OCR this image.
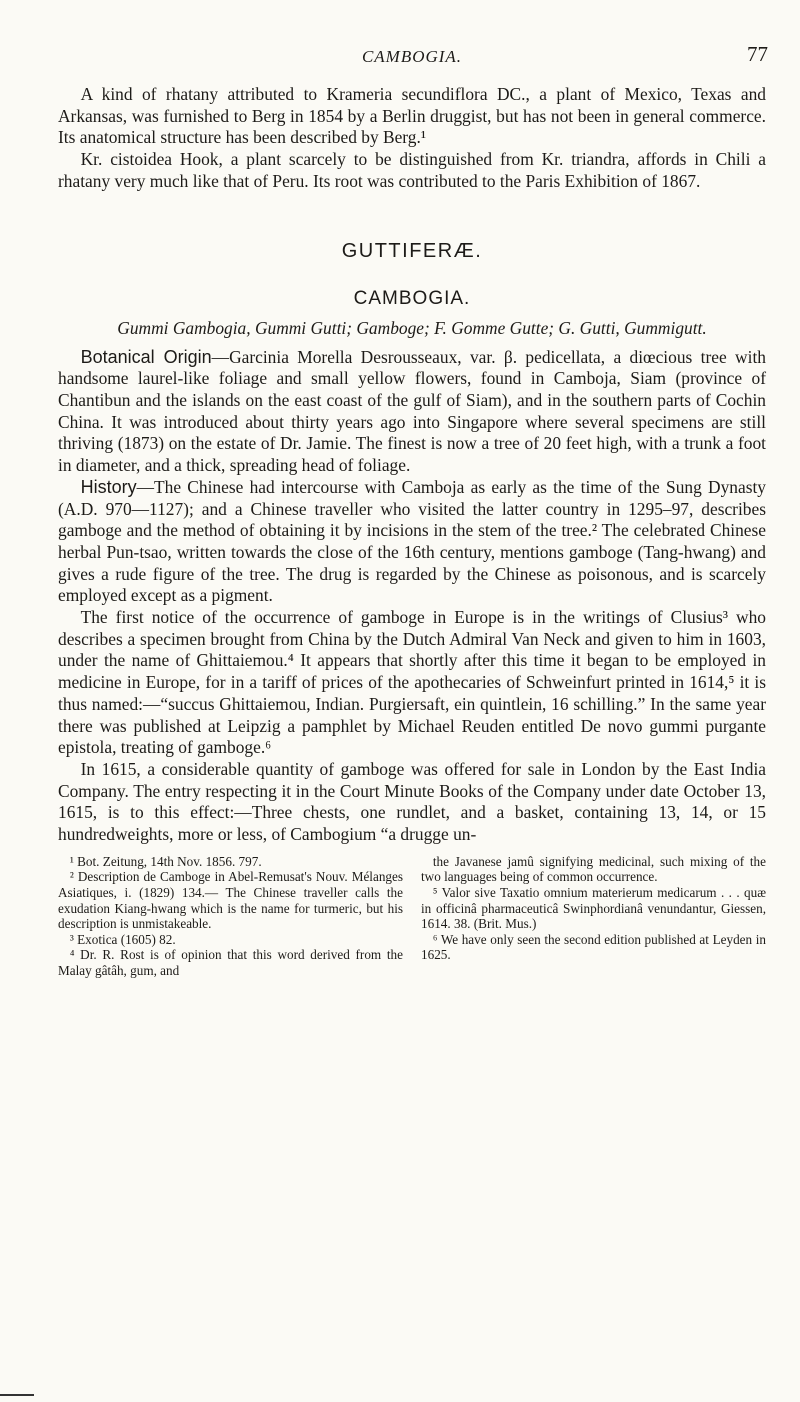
CAMBOGIA.	77

A kind of rhatany attributed to Krameria secundiflora DC., a plant of Mexico, Texas and Arkansas, was furnished to Berg in 1854 by a Berlin druggist, but has not been in general commerce. Its anatomical structure has been described by Berg.¹

Kr. cistoidea Hook, a plant scarcely to be distinguished from Kr. triandra, affords in Chili a rhatany very much like that of Peru. Its root was contributed to the Paris Exhibition of 1867.

GUTTIFERÆ.
CAMBOGIA.
Gummi Gambogia, Gummi Gutti; Gamboge; F. Gomme Gutte; G. Gutti, Gummigutt.

Botanical Origin—Garcinia Morella Desrousseaux, var. β. pedicellata, a diœcious tree with handsome laurel-like foliage and small yellow flowers, found in Camboja, Siam (province of Chantibun and the islands on the east coast of the gulf of Siam), and in the southern parts of Cochin China. It was introduced about thirty years ago into Singapore where several specimens are still thriving (1873) on the estate of Dr. Jamie. The finest is now a tree of 20 feet high, with a trunk a foot in diameter, and a thick, spreading head of foliage.

History—The Chinese had intercourse with Camboja as early as the time of the Sung Dynasty (A.D. 970—1127); and a Chinese traveller who visited the latter country in 1295–97, describes gamboge and the method of obtaining it by incisions in the stem of the tree.² The celebrated Chinese herbal Pun-tsao, written towards the close of the 16th century, mentions gamboge (Tang-hwang) and gives a rude figure of the tree. The drug is regarded by the Chinese as poisonous, and is scarcely employed except as a pigment.

The first notice of the occurrence of gamboge in Europe is in the writings of Clusius³ who describes a specimen brought from China by the Dutch Admiral Van Neck and given to him in 1603, under the name of Ghittaiemou.⁴ It appears that shortly after this time it began to be employed in medicine in Europe, for in a tariff of prices of the apothecaries of Schweinfurt printed in 1614,⁵ it is thus named:—“succus Ghittaiemou, Indian. Purgiersaft, ein quintlein, 16 schilling.” In the same year there was published at Leipzig a pamphlet by Michael Reuden entitled De novo gummi purgante epistola, treating of gamboge.⁶

In 1615, a considerable quantity of gamboge was offered for sale in London by the East India Company. The entry respecting it in the Court Minute Books of the Company under date October 13, 1615, is to this effect:—Three chests, one rundlet, and a basket, containing 13, 14, or 15 hundredweights, more or less, of Cambogium “a drugge un-

¹ Bot. Zeitung, 14th Nov. 1856. 797.

² Description de Camboge in Abel-Remusat's Nouv. Mélanges Asiatiques, i. (1829) 134.— The Chinese traveller calls the exudation Kiang-hwang which is the name for turmeric, but his description is unmistakeable.

³ Exotica (1605) 82.

⁴ Dr. R. Rost is of opinion that this word derived from the Malay gâtâh, gum, and

the Javanese jamû signifying medicinal, such mixing of the two languages being of common occurrence.

⁵ Valor sive Taxatio omnium materierum medicarum . . . quæ in officinâ pharmaceuticâ Swinphordianâ venundantur, Giessen, 1614. 38. (Brit. Mus.)

⁶ We have only seen the second edition published at Leyden in 1625.
